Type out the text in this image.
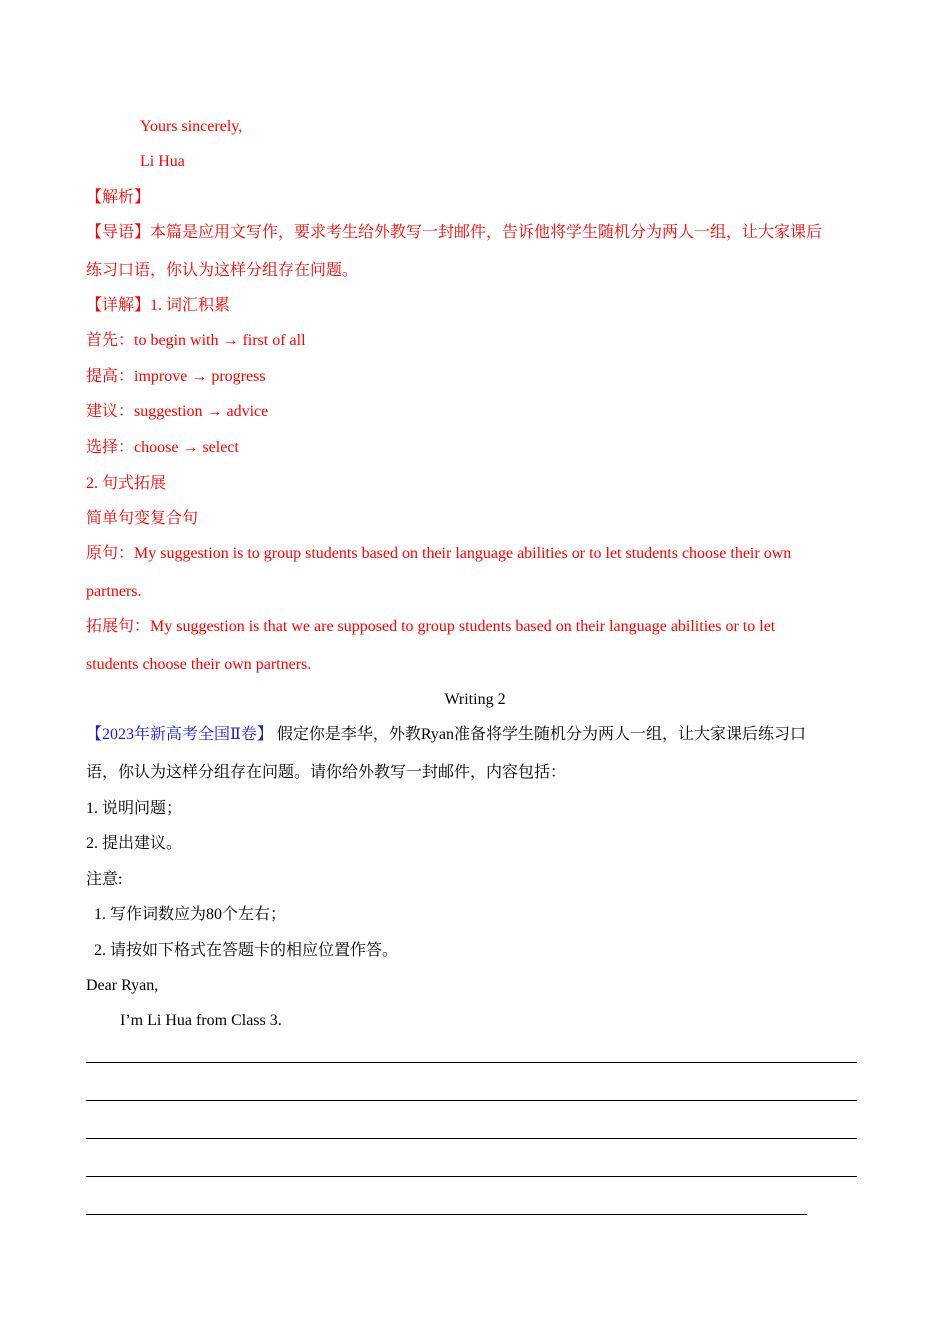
Yours sincerely,
Li Hua
【解析】
【导语】本篇是应用文写作，要求考生给外教写一封邮件，告诉他将学生随机分为两人一组，让大家课后
练习口语，你认为这样分组存在问题。
【详解】1. 词汇积累
首先：to begin with → first of all
提高：improve → progress
建议：suggestion → advice
选择：choose → select
2. 句式拓展
简单句变复合句
原句：My suggestion is to group students based on their language abilities or to let students choose their own
partners.
拓展句：My suggestion is that we are supposed to group students based on their language abilities or to let
students choose their own partners.
Writing 2
【2023年新高考全国Ⅱ卷】 假定你是李华，外教Ryan准备将学生随机分为两人一组，让大家课后练习口
语，你认为这样分组存在问题。请你给外教写一封邮件，内容包括：
1. 说明问题；
2. 提出建议。
注意:
1. 写作词数应为80个左右；
2. 请按如下格式在答题卡的相应位置作答。
Dear Ryan,
I’m Li Hua from Class 3.
